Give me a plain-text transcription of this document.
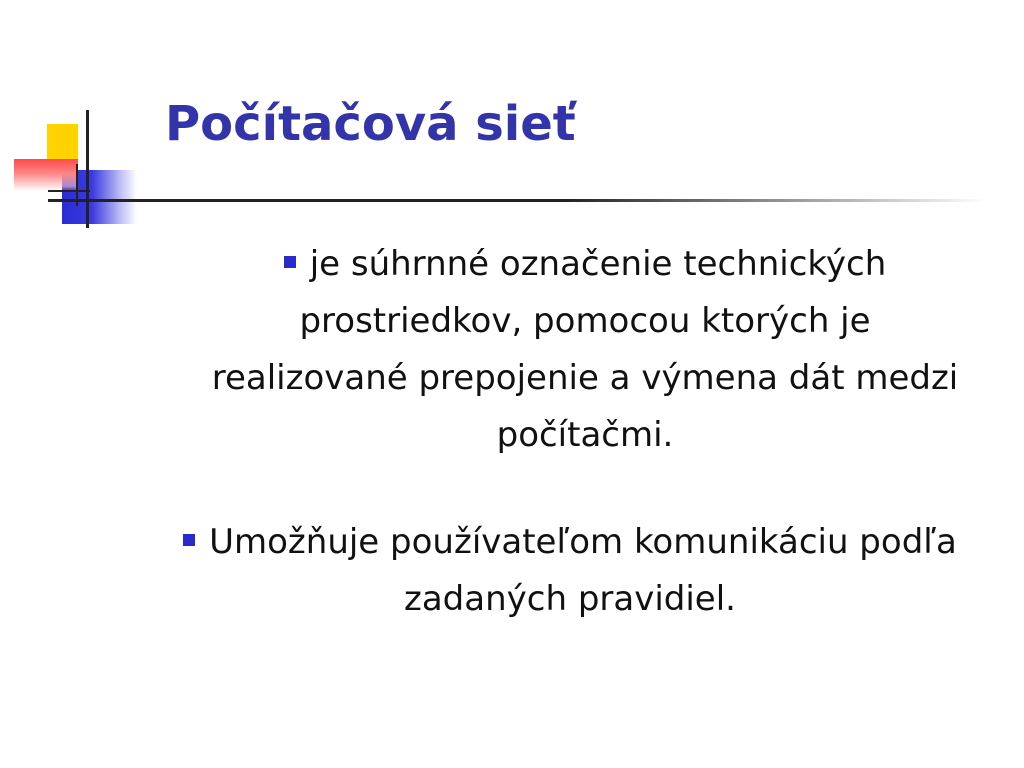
Počítačová sieť
je súhrnné označenie technických prostriedkov, pomocou ktorých je realizované prepojenie a výmena dát medzi počítačmi.
Umožňuje používateľom komunikáciu podľa zadaných pravidiel.
